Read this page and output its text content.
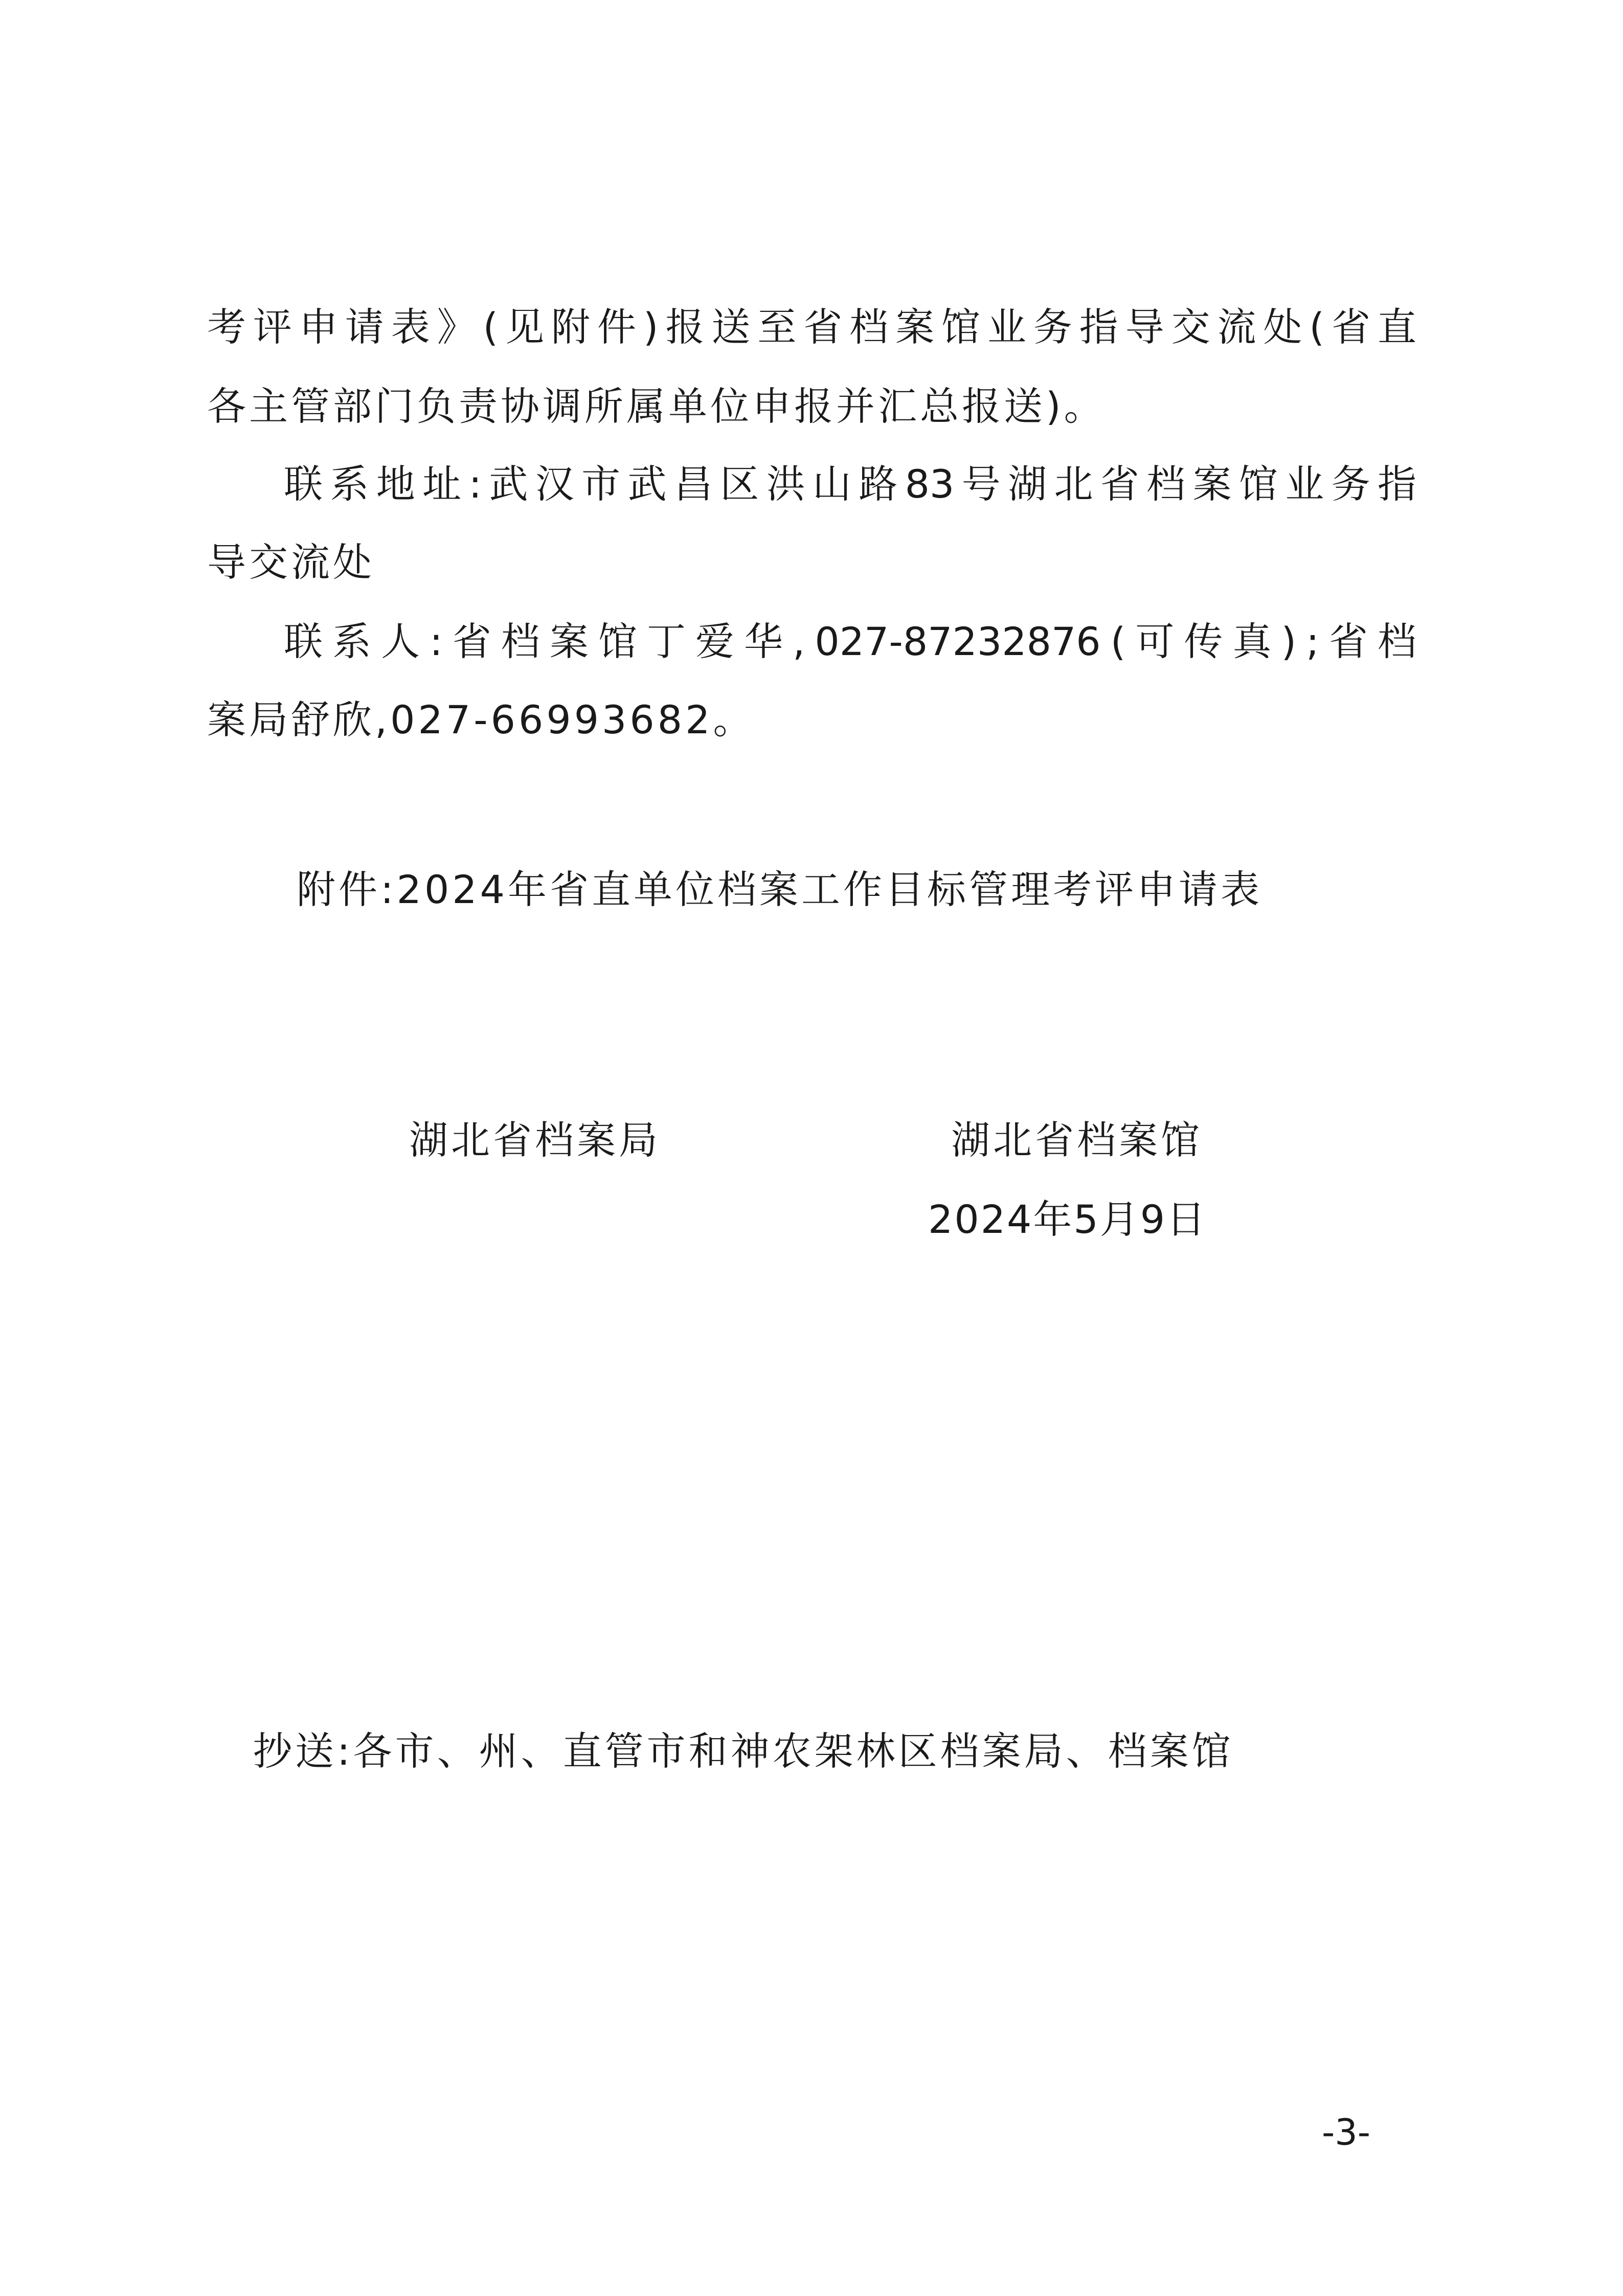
考 评 申 请 表 》 ( 见 附 件 ) 报 送 至 省 档 案 馆 业 务 指 导 交 流 处 ( 省 直
各主管部门负责协调所属单位申报并汇总报送)。
联 系 地 址 : 武 汉 市 武 昌 区 洪 山 路 83 号 湖 北 省 档 案 馆 业 务 指
导交流处
联 系 人 : 省 档 案 馆 丁 爱 华 , 027-87232876 ( 可 传 真 ) ; 省 档
案局舒欣,027-66993682。
附件:2024年省直单位档案工作目标管理考评申请表
湖北省档案局	湖北省档案馆
2024年5月9日
抄送:各市、州、直管市和神农架林区档案局、档案馆
-3-
